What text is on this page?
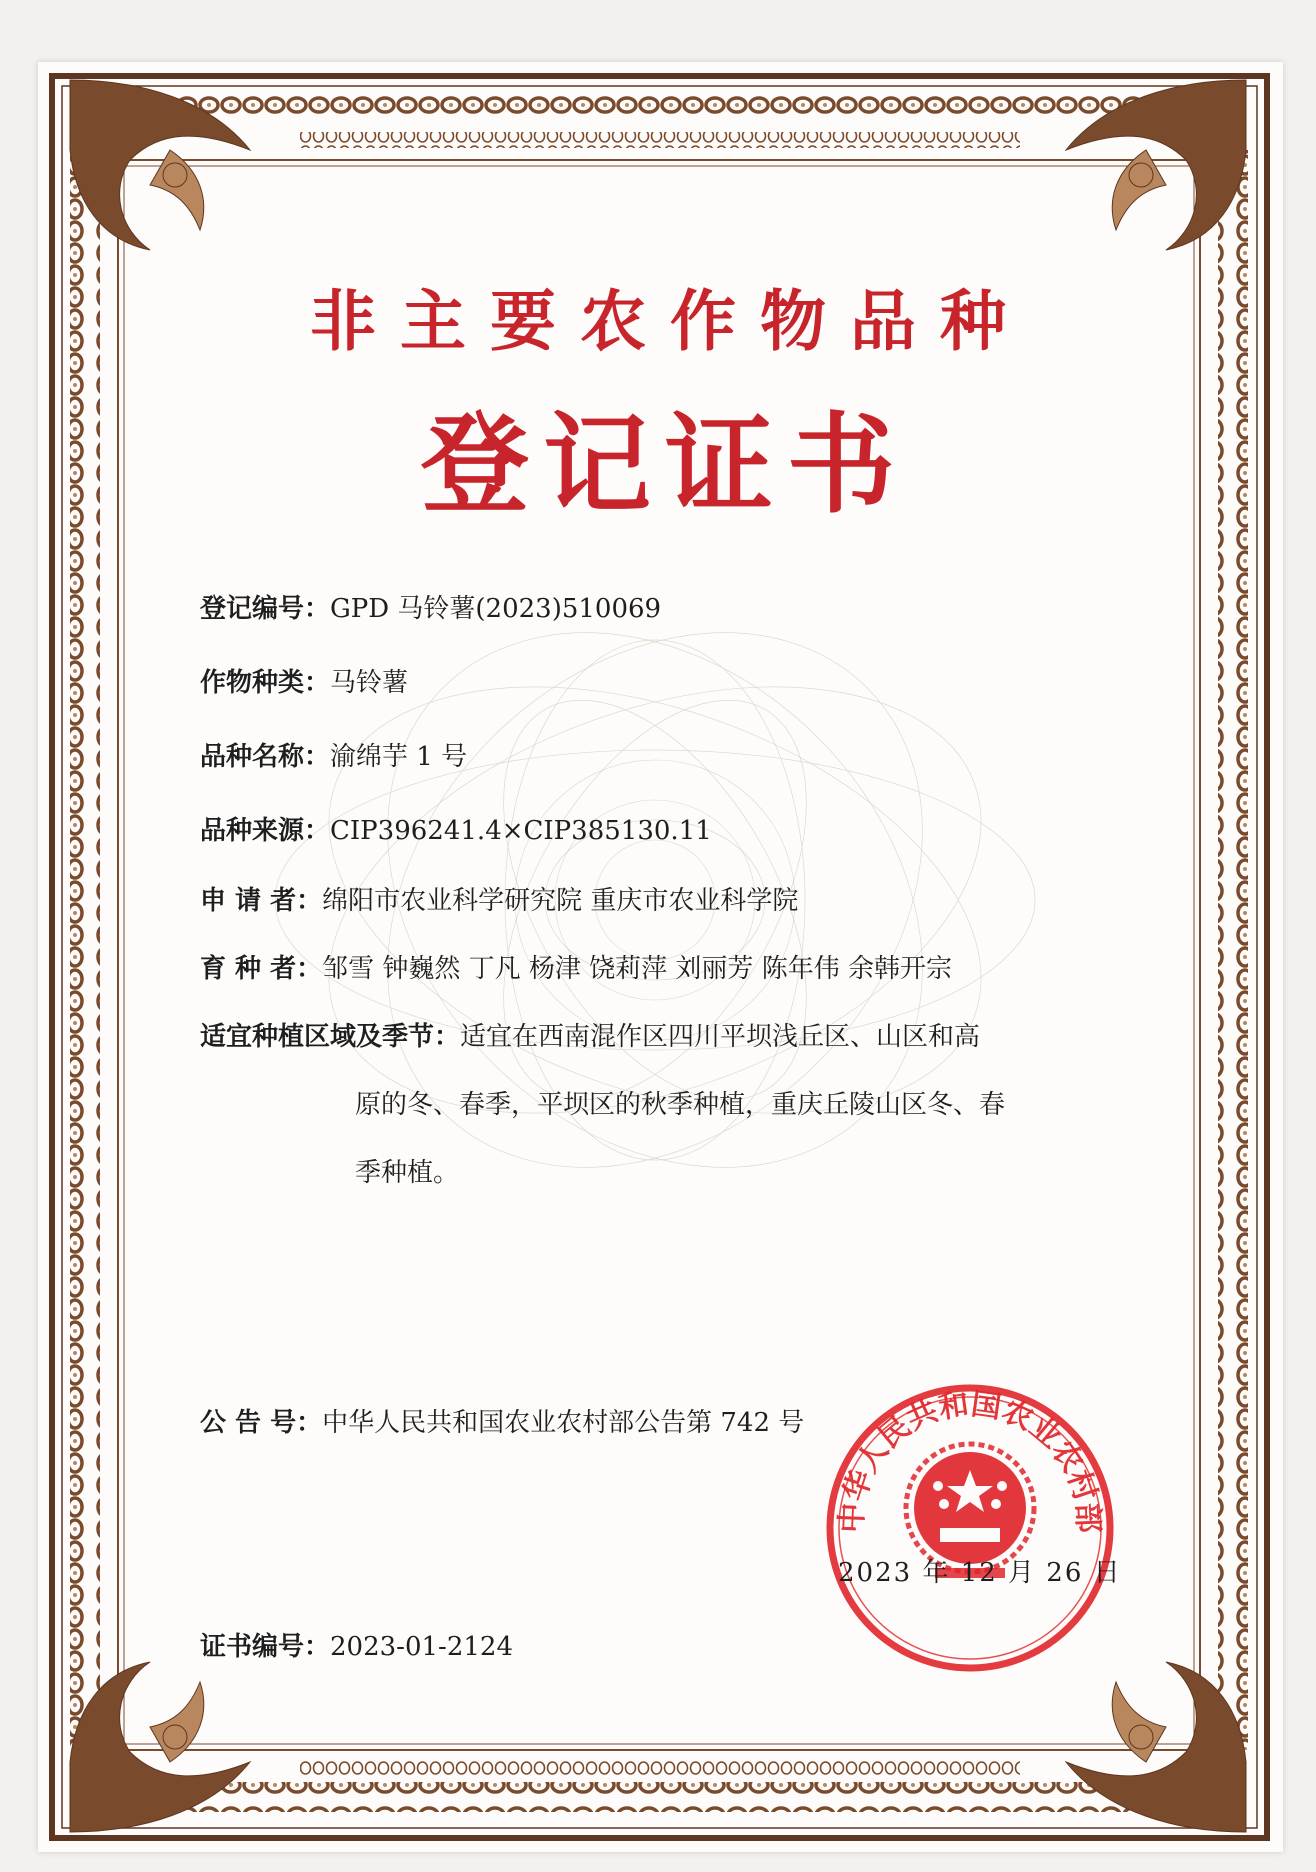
非主要农作物品种
登记证书
登记编号：GPD 马铃薯(2023)510069
作物种类：马铃薯
品种名称：渝绵芋 1 号
品种来源：CIP396241.4×CIP385130.11
申 请 者：绵阳市农业科学研究院 重庆市农业科学院
育 种 者：邹雪 钟巍然 丁凡 杨津 饶莉萍 刘丽芳 陈年伟 余韩开宗
适宜种植区域及季节：适宜在西南混作区四川平坝浅丘区、山区和高
原的冬、春季，平坝区的秋季种植，重庆丘陵山区冬、春
季种植。
公 告 号：中华人民共和国农业农村部公告第 742 号
中华人民共和国农业农村部
2023 年 12 月 26 日
证书编号：2023-01-2124
